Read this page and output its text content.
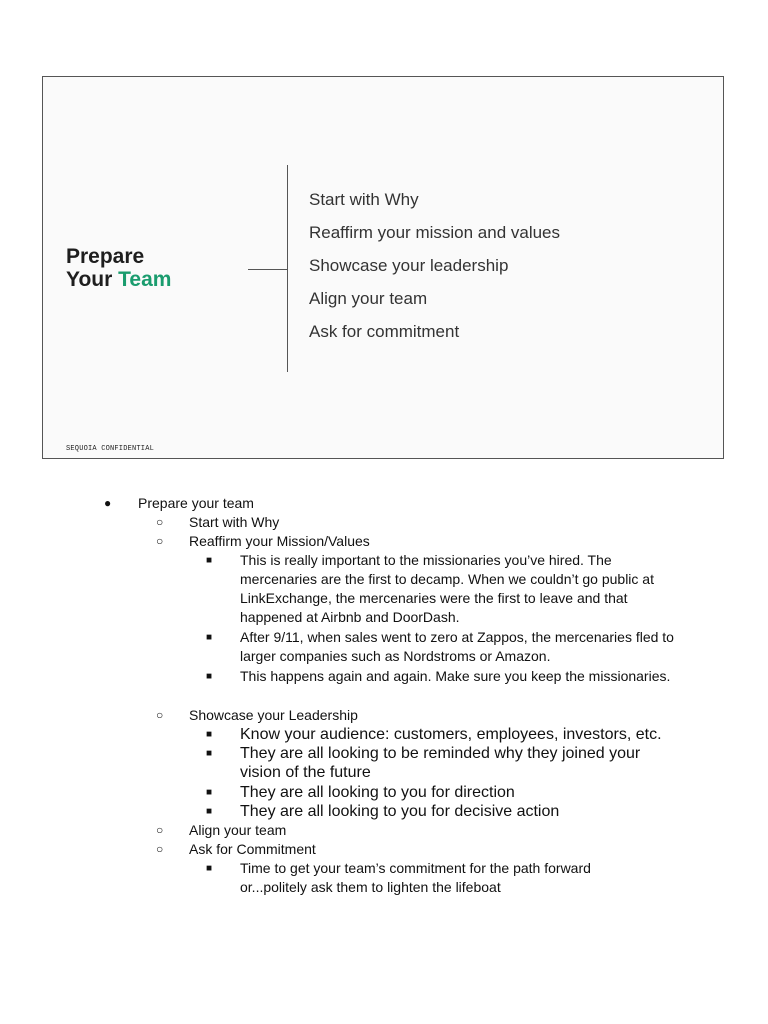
Prepare
Your Team
Start with Why
Reaffirm your mission and values
Showcase your leadership
Align your team
Ask for commitment
SEQUOIA CONFIDENTIAL
● Prepare your team
○ Start with Why
○ Reaffirm your Mission/Values
■ This is really important to the missionaries you’ve hired. The mercenaries are the first to decamp. When we couldn’t go public at LinkExchange, the mercenaries were the first to leave and that happened at Airbnb and DoorDash.
■ After 9/11, when sales went to zero at Zappos, the mercenaries fled to larger companies such as Nordstroms or Amazon.
■ This happens again and again. Make sure you keep the missionaries.
○ Showcase your Leadership
■ Know your audience: customers, employees, investors, etc.
■ They are all looking to be reminded why they joined your vision of the future
■ They are all looking to you for direction
■ They are all looking to you for decisive action
○ Align your team
○ Ask for Commitment
■ Time to get your team’s commitment for the path forward or...politely ask them to lighten the lifeboat
